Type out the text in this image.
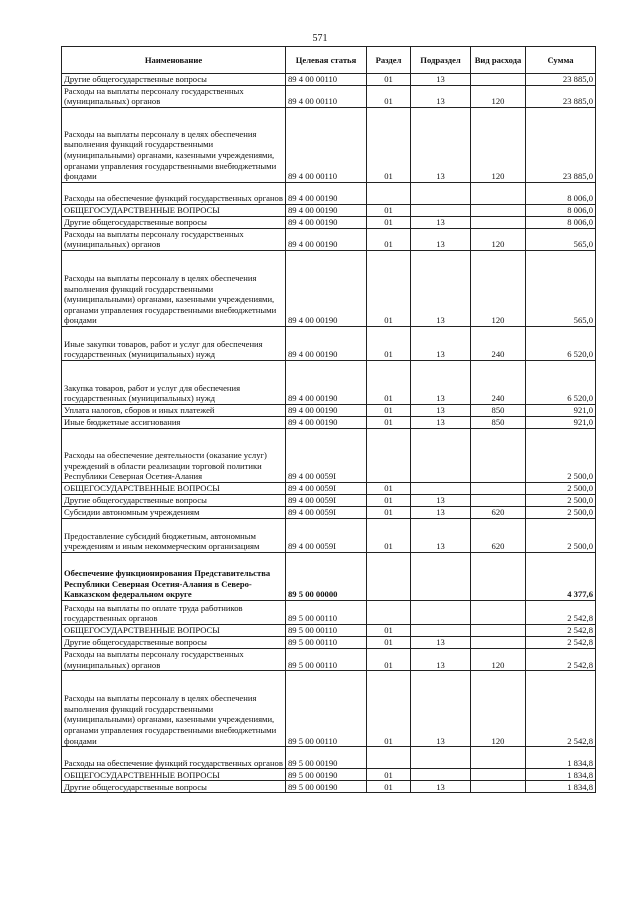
571
Наименование	Целевая статья	Раздел	Подраздел	Вид расхода	Сумма
Другие общегосударственные вопросы	89 4 00 00110	01	13		23 885,0
Расходы на выплаты персоналу государственных (муниципальных) органов	89 4 00 00110	01	13	120	23 885,0
Расходы на выплаты персоналу в целях обеспечения выполнения функций государственными (муниципальными) органами, казенными учреждениями, органами управления государственными внебюджетными фондами	89 4 00 00110	01	13	120	23 885,0
Расходы на обеспечение функций государственных органов	89 4 00 00190				8 006,0
ОБЩЕГОСУДАРСТВЕННЫЕ ВОПРОСЫ	89 4 00 00190	01			8 006,0
Другие общегосударственные вопросы	89 4 00 00190	01	13		8 006,0
Расходы на выплаты персоналу государственных (муниципальных) органов	89 4 00 00190	01	13	120	565,0
Расходы на выплаты персоналу в целях обеспечения выполнения функций государственными (муниципальными) органами, казенными учреждениями, органами управления государственными внебюджетными фондами	89 4 00 00190	01	13	120	565,0
Иные закупки товаров, работ и услуг для обеспечения государственных (муниципальных) нужд	89 4 00 00190	01	13	240	6 520,0
Закупка товаров, работ и услуг для обеспечения государственных (муниципальных) нужд	89 4 00 00190	01	13	240	6 520,0
Уплата налогов, сборов и иных платежей	89 4 00 00190	01	13	850	921,0
Иные бюджетные ассигнования	89 4 00 00190	01	13	850	921,0
Расходы на обеспечение деятельности (оказание услуг) учреждений в области реализации торговой политики Республики Северная Осетия-Алания	89 4 00 0059I				2 500,0
ОБЩЕГОСУДАРСТВЕННЫЕ ВОПРОСЫ	89 4 00 0059I	01			2 500,0
Другие общегосударственные вопросы	89 4 00 0059I	01	13		2 500,0
Субсидии автономным учреждениям	89 4 00 0059I	01	13	620	2 500,0
Предоставление субсидий бюджетным, автономным учреждениям и иным некоммерческим организациям	89 4 00 0059I	01	13	620	2 500,0
Обеспечение функционирования Представительства Республики Северная Осетия-Алания в Северо-Кавказском федеральном округе	89 5 00 00000				4 377,6
Расходы на выплаты по оплате труда работников государственных органов	89 5 00 00110				2 542,8
ОБЩЕГОСУДАРСТВЕННЫЕ ВОПРОСЫ	89 5 00 00110	01			2 542,8
Другие общегосударственные вопросы	89 5 00 00110	01	13		2 542,8
Расходы на выплаты персоналу государственных (муниципальных) органов	89 5 00 00110	01	13	120	2 542,8
Расходы на выплаты персоналу в целях обеспечения выполнения функций государственными (муниципальными) органами, казенными учреждениями, органами управления государственными внебюджетными фондами	89 5 00 00110	01	13	120	2 542,8
Расходы на обеспечение функций государственных органов	89 5 00 00190				1 834,8
ОБЩЕГОСУДАРСТВЕННЫЕ ВОПРОСЫ	89 5 00 00190	01			1 834,8
Другие общегосударственные вопросы	89 5 00 00190	01	13		1 834,8
